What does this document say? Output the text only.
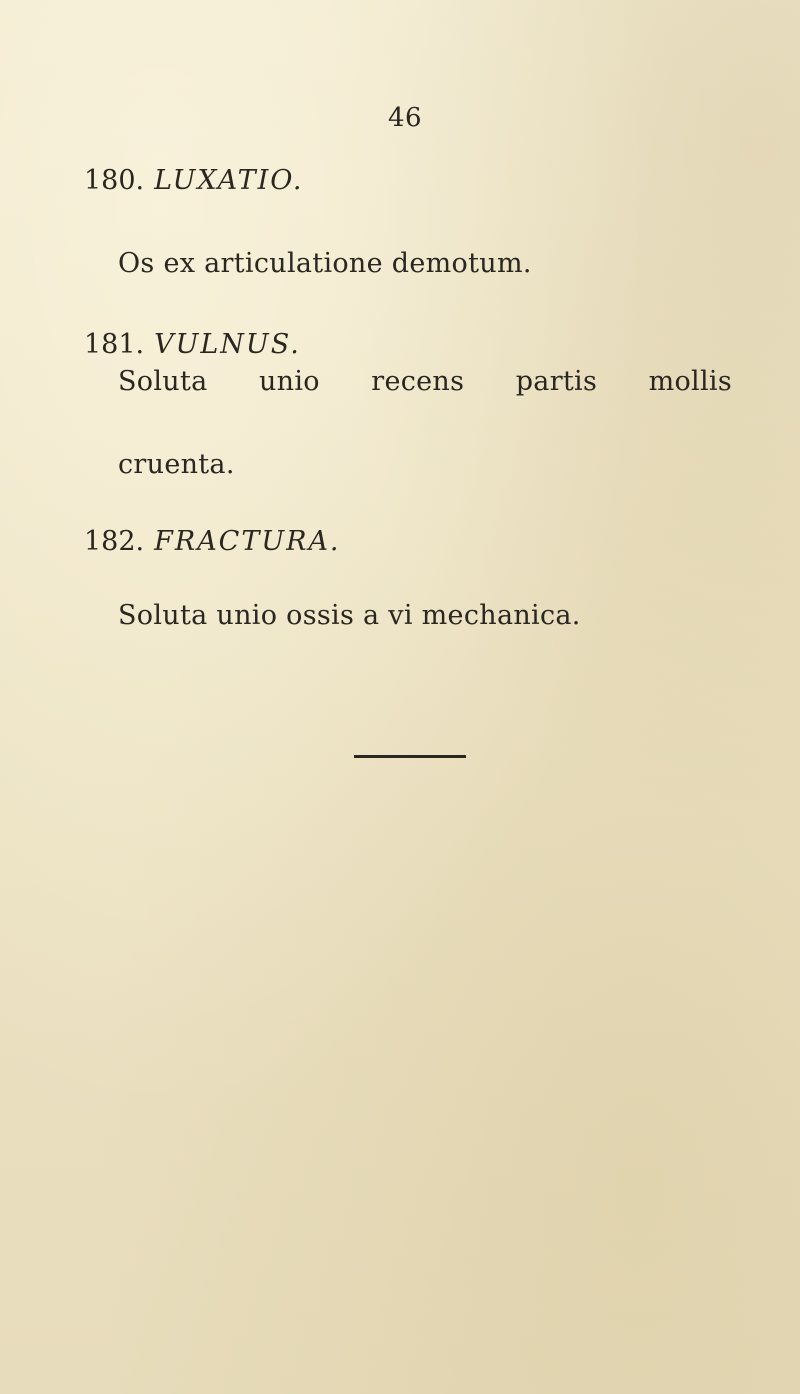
46
180. LUXATIO.
Os ex articulatione demotum.
181. VULNUS.
Soluta unio recens partis mollis
cruenta.
182. FRACTURA.
Soluta unio ossis a vi mechanica.
